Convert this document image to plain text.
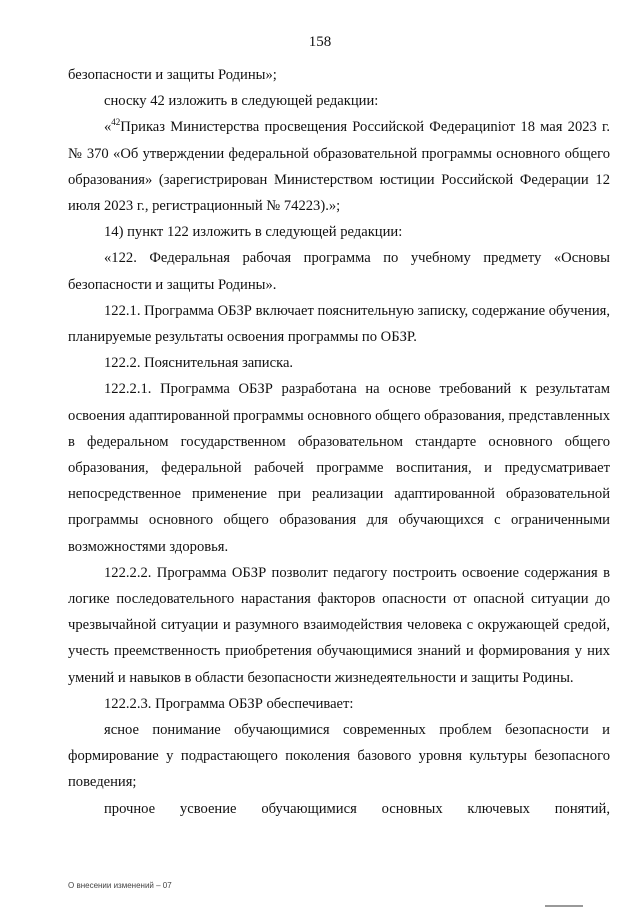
158

безопасности и защиты Родины»;

сноску 42 изложить в следующей редакции:

«$^{42}$Приказ Министерства просвещения Российской Федерациniот 18 мая 2023 г. № 370 «Об утверждении федеральной образовательной программы основного общего образования» (зарегистрирован Министерством юстиции Российской Федерации 12 июля 2023 г., регистрационный № 74223).»;

14) пункт 122 изложить в следующей редакции:

«122. Федеральная рабочая программа по учебному предмету «Основы безопасности и защиты Родины».

122.1. Программа ОБЗР включает пояснительную записку, содержание обучения, планируемые результаты освоения программы по ОБЗР.

122.2. Пояснительная записка.

122.2.1. Программа ОБЗР разработана на основе требований к результатам освоения адаптированной программы основного общего образования, представленных в федеральном государственном образовательном стандарте основного общего образования, федеральной рабочей программе воспитания, и предусматривает непосредственное применение при реализации адаптированной образовательной программы основного общего образования для обучающихся с ограниченными возможностями здоровья.

122.2.2. Программа ОБЗР позволит педагогу построить освоение содержания в логике последовательного нарастания факторов опасности от опасной ситуации до чрезвычайной ситуации и разумного взаимодействия человека с окружающей средой, учесть преемственность приобретения обучающимися знаний и формирования у них умений и навыков в области безопасности жизнедеятельности и защиты Родины.

122.2.3. Программа ОБЗР обеспечивает:

ясное понимание обучающимися современных проблем безопасности и формирование у подрастающего поколения базового уровня культуры безопасного поведения;

прочное усвоение обучающимися основных ключевых понятий,

О внесении изменений – 07
